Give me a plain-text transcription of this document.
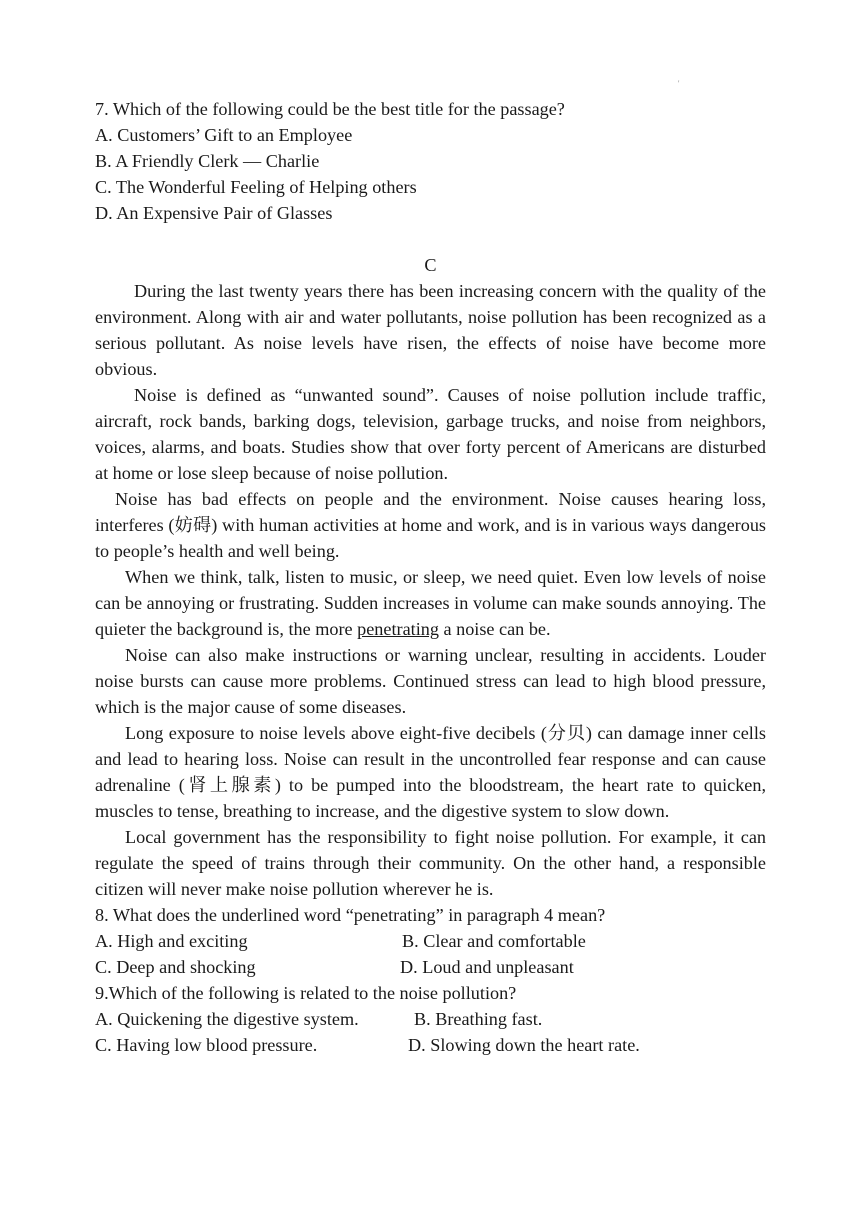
'
7. Which of the following could be the best title for the passage?
A. Customers’ Gift to an Employee
B. A Friendly Clerk — Charlie
C. The Wonderful Feeling of Helping others
D. An Expensive Pair of Glasses
C
During the last twenty years there has been increasing concern with the quality of the environment. Along with air and water pollutants, noise pollution has been recognized as a serious pollutant. As noise levels have risen, the effects of noise have become more obvious.
Noise is defined as “unwanted sound”. Causes of noise pollution include traffic, aircraft, rock bands, barking dogs, television, garbage trucks, and noise from neighbors, voices, alarms, and boats. Studies show that over forty percent of Americans are disturbed at home or lose sleep because of noise pollution.
Noise has bad effects on people and the environment. Noise causes hearing loss, interferes (妨碍) with human activities at home and work, and is in various ways dangerous to people’s health and well being.
When we think, talk, listen to music, or sleep, we need quiet. Even low levels of noise can be annoying or frustrating. Sudden increases in volume can make sounds annoying. The quieter the background is, the more penetrating a noise can be.
Noise can also make instructions or warning unclear, resulting in accidents. Louder noise bursts can cause more problems. Continued stress can lead to high blood pressure, which is the major cause of some diseases.
Long exposure to noise levels above eight-five decibels (分贝) can damage inner cells and lead to hearing loss. Noise can result in the uncontrolled fear response and can cause adrenaline (肾上腺素) to be pumped into the bloodstream, the heart rate to quicken, muscles to tense, breathing to increase, and the digestive system to slow down.
Local government has the responsibility to fight noise pollution. For example, it can regulate the speed of trains through their community. On the other hand, a responsible citizen will never make noise pollution wherever he is.
8. What does the underlined word “penetrating” in paragraph 4 mean?
A. High and exciting	B. Clear and comfortable
C. Deep and shocking	D. Loud and unpleasant
9.Which of the following is related to the noise pollution?
A. Quickening the digestive system.	B. Breathing fast.
C. Having low blood pressure.	D. Slowing down the heart rate.
